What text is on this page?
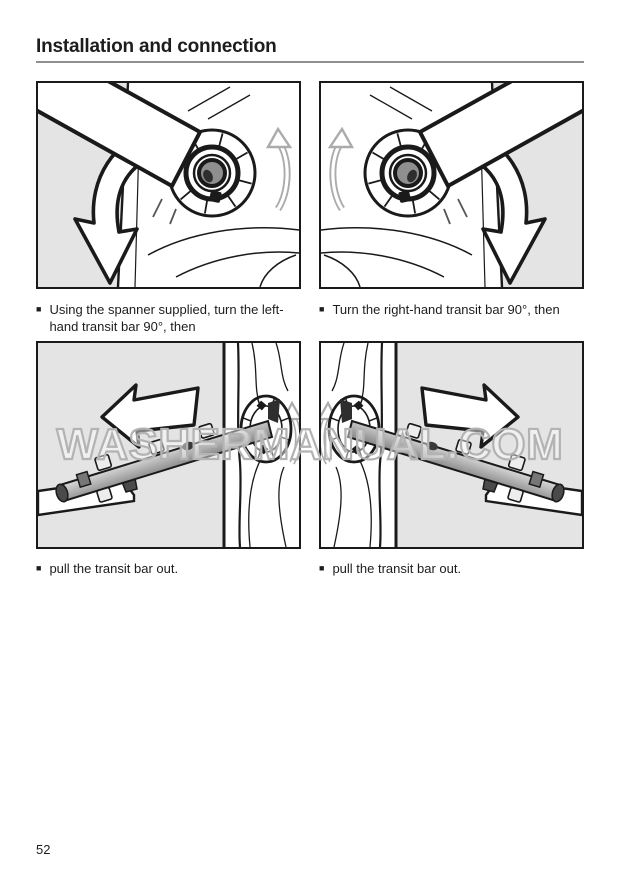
Installation and connection
■ Using the spanner supplied, turn the left-hand transit bar 90°, then
■ Turn the right-hand transit bar 90°, then
■ pull the transit bar out.	■ pull the transit bar out.
WASHERMANUAL.COM
52
